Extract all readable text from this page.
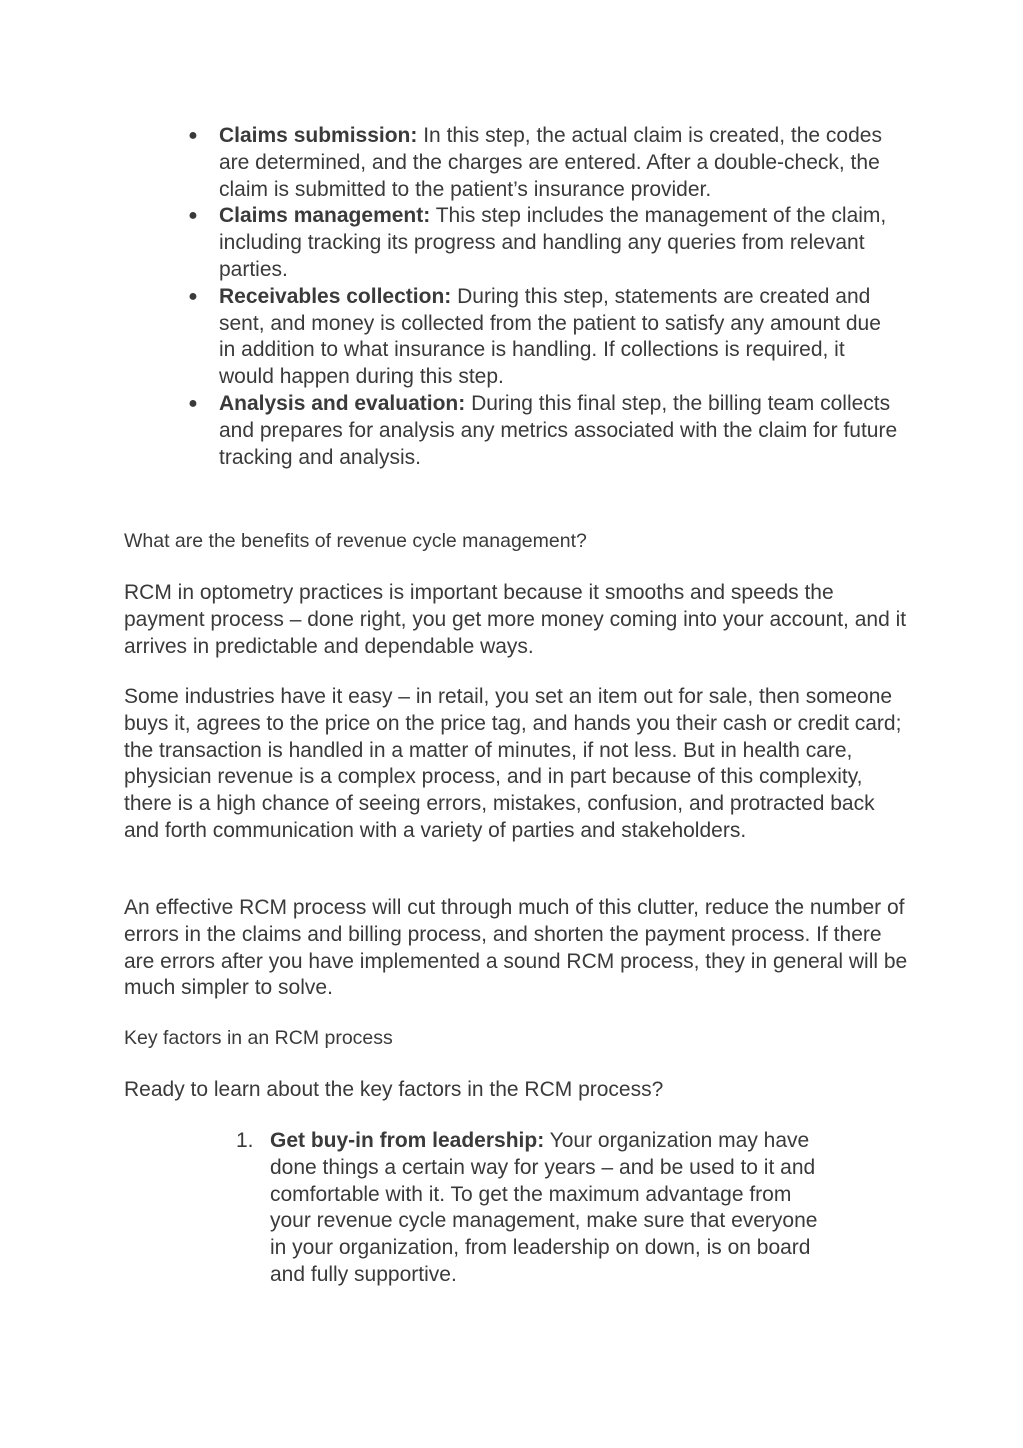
● Claims submission: In this step, the actual claim is created, the codes are determined, and the charges are entered. After a double-check, the claim is submitted to the patient’s insurance provider.
● Claims management: This step includes the management of the claim, including tracking its progress and handling any queries from relevant parties.
● Receivables collection: During this step, statements are created and sent, and money is collected from the patient to satisfy any amount due in addition to what insurance is handling. If collections is required, it would happen during this step.
● Analysis and evaluation: During this final step, the billing team collects and prepares for analysis any metrics associated with the claim for future tracking and analysis.

What are the benefits of revenue cycle management?

RCM in optometry practices is important because it smooths and speeds the payment process – done right, you get more money coming into your account, and it arrives in predictable and dependable ways.

Some industries have it easy – in retail, you set an item out for sale, then someone buys it, agrees to the price on the price tag, and hands you their cash or credit card; the transaction is handled in a matter of minutes, if not less. But in health care, physician revenue is a complex process, and in part because of this complexity, there is a high chance of seeing errors, mistakes, confusion, and protracted back and forth communication with a variety of parties and stakeholders.

An effective RCM process will cut through much of this clutter, reduce the number of errors in the claims and billing process, and shorten the payment process. If there are errors after you have implemented a sound RCM process, they in general will be much simpler to solve.

Key factors in an RCM process

Ready to learn about the key factors in the RCM process?

1. Get buy-in from leadership: Your organization may have done things a certain way for years – and be used to it and comfortable with it. To get the maximum advantage from your revenue cycle management, make sure that everyone in your organization, from leadership on down, is on board and fully supportive.
